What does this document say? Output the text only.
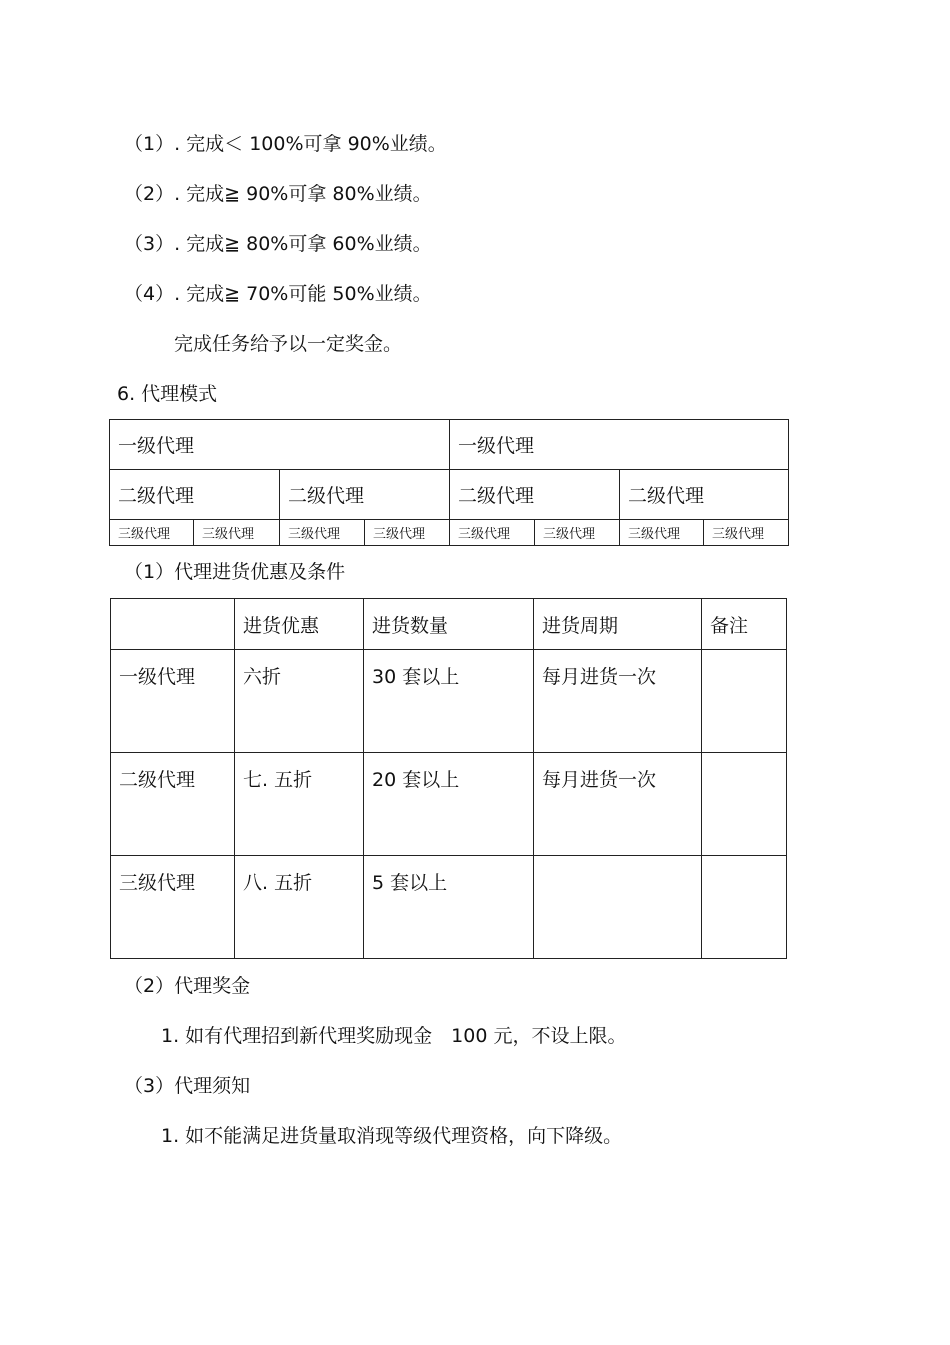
（1）. 完成＜ 100%可拿 90%业绩。
（2）. 完成≧ 90%可拿 80%业绩。
（3）. 完成≧ 80%可拿 60%业绩。
（4）. 完成≧ 70%可能 50%业绩。
完成任务给予以一定奖金。
6. 代理模式
一级代理				一级代理			
二级代理		二级代理		二级代理		二级代理	
三级代理	三级代理	三级代理	三级代理	三级代理	三级代理	三级代理	三级代理
（1）代理进货优惠及条件
	进货优惠	进货数量	进货周期	备注
一级代理	六折	30 套以上	每月进货一次	
二级代理	七. 五折	20 套以上	每月进货一次	
三级代理	八. 五折	5 套以上		
（2）代理奖金
1. 如有代理招到新代理奖励现金　100 元，不设上限。
（3）代理须知
1. 如不能满足进货量取消现等级代理资格，向下降级。
